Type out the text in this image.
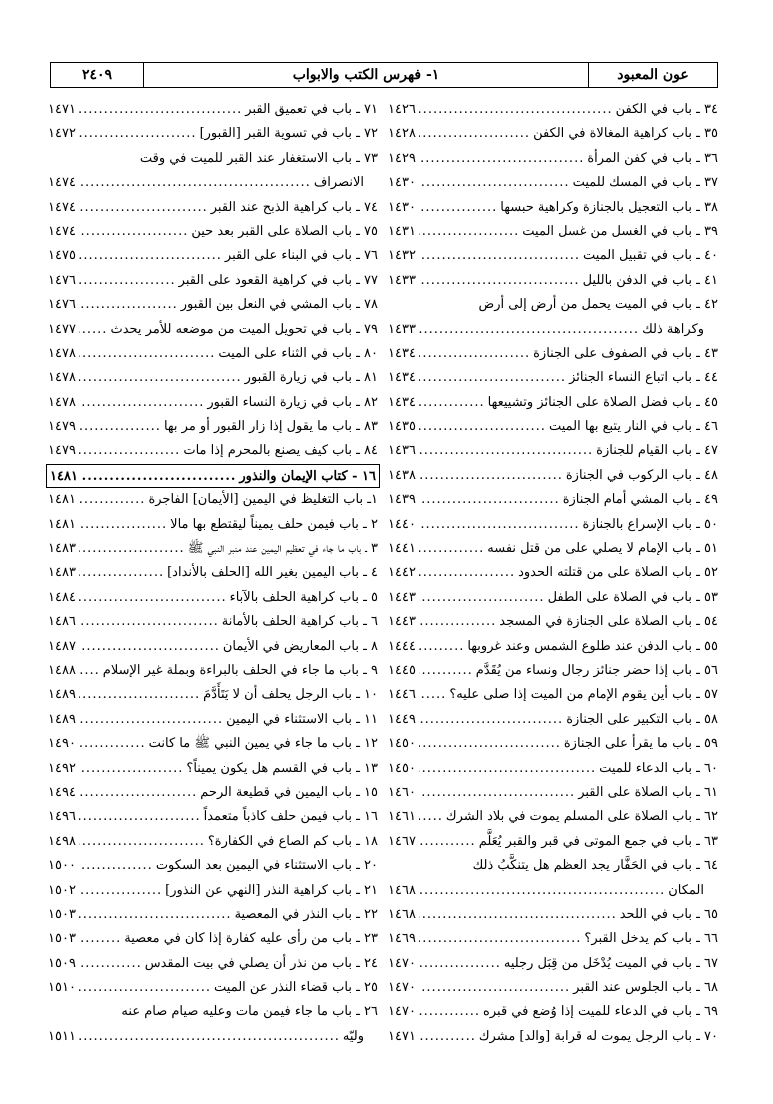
عون المعبود
١- فهرس الكتب والابواب
٢٤٠٩
٣٤ ـ باب في الكفن
.....
١٤٢٦
٣٥ ـ باب كراهية المغالاة في الكفن
.....
١٤٢٨
٣٦ ـ باب في كفن المرأة
.....
١٤٢٩
٣٧ ـ باب في المسك للميت
.....
١٤٣٠
٣٨ ـ باب التعجيل بالجنازة وكراهية حبسها
.....
١٤٣٠
٣٩ ـ باب في الغسل من غسل الميت
.....
١٤٣١
٤٠ ـ باب في تقبيل الميت
.....
١٤٣٢
٤١ ـ باب في الدفن بالليل
.....
١٤٣٣
٤٢ ـ باب في الميت يحمل من أرض إلى أرض
وكراهة ذلك
.....
١٤٣٣
٤٣ ـ باب في الصفوف على الجنازة
.....
١٤٣٤
٤٤ ـ باب اتباع النساء الجنائز
.....
١٤٣٤
٤٥ ـ باب فضل الصلاة على الجنائز وتشييعها
.....
١٤٣٤
٤٦ ـ باب في النار يتبع بها الميت
.....
١٤٣٥
٤٧ ـ باب القيام للجنازة
.....
١٤٣٦
٤٨ ـ باب الركوب في الجنازة
.....
١٤٣٨
٤٩ ـ باب المشي أمام الجنازة
.....
١٤٣٩
٥٠ ـ باب الإسراع بالجنازة
.....
١٤٤٠
٥١ ـ باب الإمام لا يصلي على من قتل نفسه
.....
١٤٤١
٥٢ ـ باب الصلاة على من قتلته الحدود
.....
١٤٤٢
٥٣ ـ باب في الصلاة على الطفل
.....
١٤٤٣
٥٤ ـ باب الصلاة على الجنازة في المسجد
.....
١٤٤٣
٥٥ ـ باب الدفن عند طلوع الشمس وعند غروبها
.....
١٤٤٤
٥٦ ـ باب إذا حضر جنائز رجال ونساء من يُقَدَّم
.....
١٤٤٥
٥٧ ـ باب أين يقوم الإمام من الميت إذا صلى عليه؟
.....
١٤٤٦
٥٨ ـ باب التكبير على الجنازة
.....
١٤٤٩
٥٩ ـ باب ما يقرأ على الجنازة
.....
١٤٥٠
٦٠ ـ باب الدعاء للميت
.....
١٤٥٠
٦١ ـ باب الصلاة على القبر
.....
١٤٦٠
٦٢ ـ باب الصلاة على المسلم يموت في بلاد الشرك
.....
١٤٦١
٦٣ ـ باب في جمع الموتى في قبر والقبر يُعَلَّم
.....
١٤٦٧
٦٤ ـ باب في الحَفَّار يجد العظم هل يتنكَّبُ ذلك
المكان
.....
١٤٦٨
٦٥ ـ باب في اللحد
.....
١٤٦٨
٦٦ ـ باب كم يدخل القبر؟
.....
١٤٦٩
٦٧ ـ باب في الميت يُدْخَل من قِبَل رجليه
.....
١٤٧٠
٦٨ ـ باب الجلوس عند القبر
.....
١٤٧٠
٦٩ ـ باب في الدعاء للميت إذا وُضع في قبره
.....
١٤٧٠
٧٠ ـ باب الرجل يموت له قرابة [والد] مشرك
.....
١٤٧١
٧١ ـ باب في تعميق القبر
.....
١٤٧١
٧٢ ـ باب في تسوية القبر [القبور]
.....
١٤٧٢
٧٣ ـ باب الاستغفار عند القبر للميت في وقت
الانصراف
.....
١٤٧٤
٧٤ ـ باب كراهية الذبح عند القبر
.....
١٤٧٤
٧٥ ـ باب الصلاة على القبر بعد حين
.....
١٤٧٤
٧٦ ـ باب في البناء على القبر
.....
١٤٧٥
٧٧ ـ باب في كراهية القعود على القبر
.....
١٤٧٦
٧٨ ـ باب المشي في النعل بين القبور
.....
١٤٧٦
٧٩ ـ باب في تحويل الميت من موضعه للأمر يحدث
.....
١٤٧٧
٨٠ ـ باب في الثناء على الميت
.....
١٤٧٨
٨١ ـ باب في زيارة القبور
.....
١٤٧٨
٨٢ ـ باب في زيارة النساء القبور
.....
١٤٧٨
٨٣ ـ باب ما يقول إذا زار القبور أو مر بها
.....
١٤٧٩
٨٤ ـ باب كيف يصنع بالمحرم إذا مات
.....
١٤٧٩
١٦ - كتاب الإيمان والنذور
.....
١٤٨١
١ـ باب التغليظ في اليمين [الأيمان] الفاجرة
.....
١٤٨١
٢ ـ باب فيمن حلف يميناً ليقتطع بها مالا
.....
١٤٨١
٣ ـ باب ما جاء في تعظيم اليمين عند منبر النبي ﷺ
.....
١٤٨٣
٤ ـ باب اليمين بغير الله [الحلف بالأنداد]
.....
١٤٨٣
٥ ـ باب كراهية الحلف بالآباء
.....
١٤٨٤
٦ ـ باب كراهية الحلف بالأمانة
.....
١٤٨٦
٨ ـ باب المعاريض في الأيمان
.....
١٤٨٧
٩ ـ باب ما جاء في الحلف بالبراءة وبملة غير الإسلام
.....
١٤٨٨
١٠ ـ باب الرجل يحلف أن لا يَتَأَدَّمَ
.....
١٤٨٩
١١ ـ باب الاستثناء في اليمين
.....
١٤٨٩
١٢ ـ باب ما جاء في يمين النبي ﷺ ما كانت
.....
١٤٩٠
١٣ ـ باب في القسم هل يكون يميناً؟
.....
١٤٩٢
١٥ ـ باب اليمين في قطيعة الرحم
.....
١٤٩٤
١٦ ـ باب فيمن حلف كاذباً متعمداً
.....
١٤٩٦
١٨ ـ باب كم الصاع في الكفارة؟
.....
١٤٩٨
٢٠ ـ باب الاستثناء في اليمين بعد السكوت
.....
١٥٠٠
٢١ ـ باب كراهية النذر [النهي عن النذور]
.....
١٥٠٢
٢٢ ـ باب النذر في المعصية
.....
١٥٠٣
٢٣ ـ باب من رأى عليه كفارة إذا كان في معصية
.....
١٥٠٣
٢٤ ـ باب من نذر أن يصلي في بيت المقدس
.....
١٥٠٩
٢٥ ـ باب قضاء النذر عن الميت
.....
١٥١٠
٢٦ ـ باب ما جاء فيمن مات وعليه صيام صام عنه
وليّه
.....
١٥١١
